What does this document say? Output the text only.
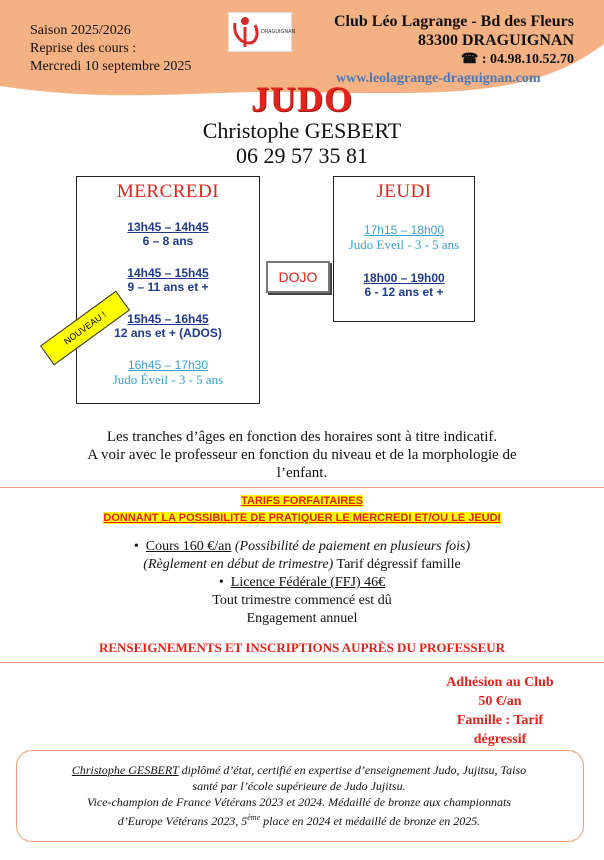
Saison 2025/2026
Reprise des cours :
Mercredi 10 septembre 2025
DRAGUIGNAN
Club Léo Lagrange - Bd des Fleurs
83300 DRAGUIGNAN
☎ : 04.98.10.52.70
www.leolagrange-draguignan.com
JUDO
Christophe GESBERT
06 29 57 35 81
MERCREDI
13h45 – 14h45
6 – 8 ans
14h45 – 15h45
9 – 11 ans et +
15h45 – 16h45
12 ans et + (ADOS)
16h45 – 17h30
Judo Éveil - 3 - 5 ans
NOUVEAU !
DOJO
JEUDI
17h15 – 18h00
Judo Eveil - 3 - 5 ans
18h00 – 19h00
6 - 12 ans et +
Les tranches d’âges en fonction des horaires sont à titre indicatif.
A voir avec le professeur en fonction du niveau et de la morphologie de
l’enfant.
TARIFS FORFAITAIRES
DONNANT LA POSSIBILITE DE PRATIQUER LE MERCREDI ET/OU LE JEUDI
•  Cours 160 €/an (Possibilité de paiement en plusieurs fois)
(Règlement en début de trimestre) Tarif dégressif famille
•  Licence Fédérale (FFJ) 46€
Tout trimestre commencé est dû
Engagement annuel
RENSEIGNEMENTS ET INSCRIPTIONS AUPRÈS DU PROFESSEUR
Adhésion au Club
50 €/an
Famille : Tarif
dégressif
Christophe GESBERT diplômé d’état, certifié en expertise d’enseignement Judo, Jujitsu, Taiso
santé par l’école supérieure de Judo Jujitsu.
Vice-champion de France Vétérans 2023 et 2024. Médaillé de bronze aux championnats
d’Europe Vétérans 2023, 5ème place en 2024 et médaillé de bronze en 2025.
